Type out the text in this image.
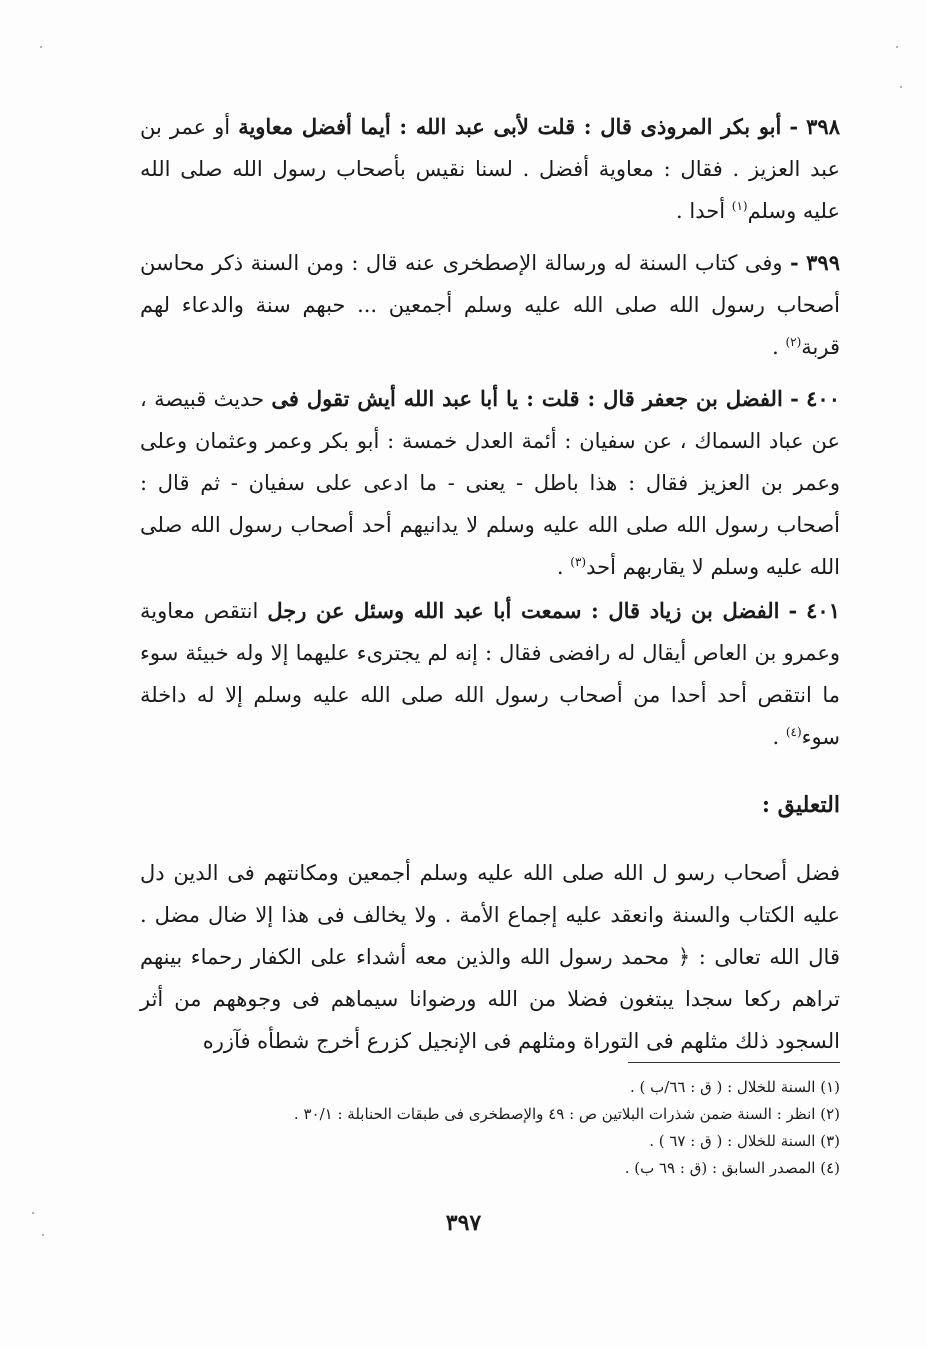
٣٩٨ - أبو بكر المروذى قال : قلت لأبى عبد الله : أيما أفضل معاوية أو عمر بن عبد العزيز . فقال : معاوية أفضل . لسنا نقيس بأصحاب رسول الله صلى الله عليه وسلم$^{(١)}$ أحدا .
٣٩٩ - وفى كتاب السنة له ورسالة الإصطخرى عنه قال : ومن السنة ذكر محاسن أصحاب رسول الله صلى الله عليه وسلم أجمعين ... حبهم سنة والدعاء لهم قربة$^{(٢)}$ .
٤٠٠ - الفضل بن جعفر قال : قلت : يا أبا عبد الله أيش تقول فى حديث قبيصة ، عن عباد السماك ، عن سفيان : أئمة العدل خمسة : أبو بكر وعمر وعثمان وعلى وعمر بن العزيز فقال : هذا باطل - يعنى - ما ادعى على سفيان - ثم قال : أصحاب رسول الله صلى الله عليه وسلم لا يدانيهم أحد أصحاب رسول الله صلى الله عليه وسلم لا يقاربهم أحد$^{(٣)}$ .
٤٠١ - الفضل بن زياد قال : سمعت أبا عبد الله وسئل عن رجل انتقص معاوية وعمرو بن العاص أيقال له رافضى فقال : إنه لم يجترىء عليهما إلا وله خبيئة سوء ما انتقص أحد أحدا من أصحاب رسول الله صلى الله عليه وسلم إلا له داخلة سوء$^{(٤)}$ .
التعليق :
فضل أصحاب رسو ل الله صلى الله عليه وسلم أجمعين ومكانتهم فى الدين دل عليه الكتاب والسنة وانعقد عليه إجماع الأمة . ولا يخالف فى هذا إلا ضال مضل . قال الله تعالى : ﴿ محمد رسول الله والذين معه أشداء على الكفار رحماء بينهم تراهم ركعا سجدا يبتغون فضلا من الله ورضوانا سيماهم فى وجوههم من أثر السجود ذلك مثلهم فى التوراة ومثلهم فى الإنجيل كزرع أخرج شطأه فآزره
(١) السنة للخلال : ( ق : ٦٦/ب ) .
(٢) انظر : السنة ضمن شذرات البلاتين ص : ٤٩ والإصطخرى فى طبقات الحنابلة : ٣٠/١ .
(٣) السنة للخلال : ( ق : ٦٧ ) .
(٤) المصدر السابق : (ق : ٦٩ ب) .
٣٩٧
